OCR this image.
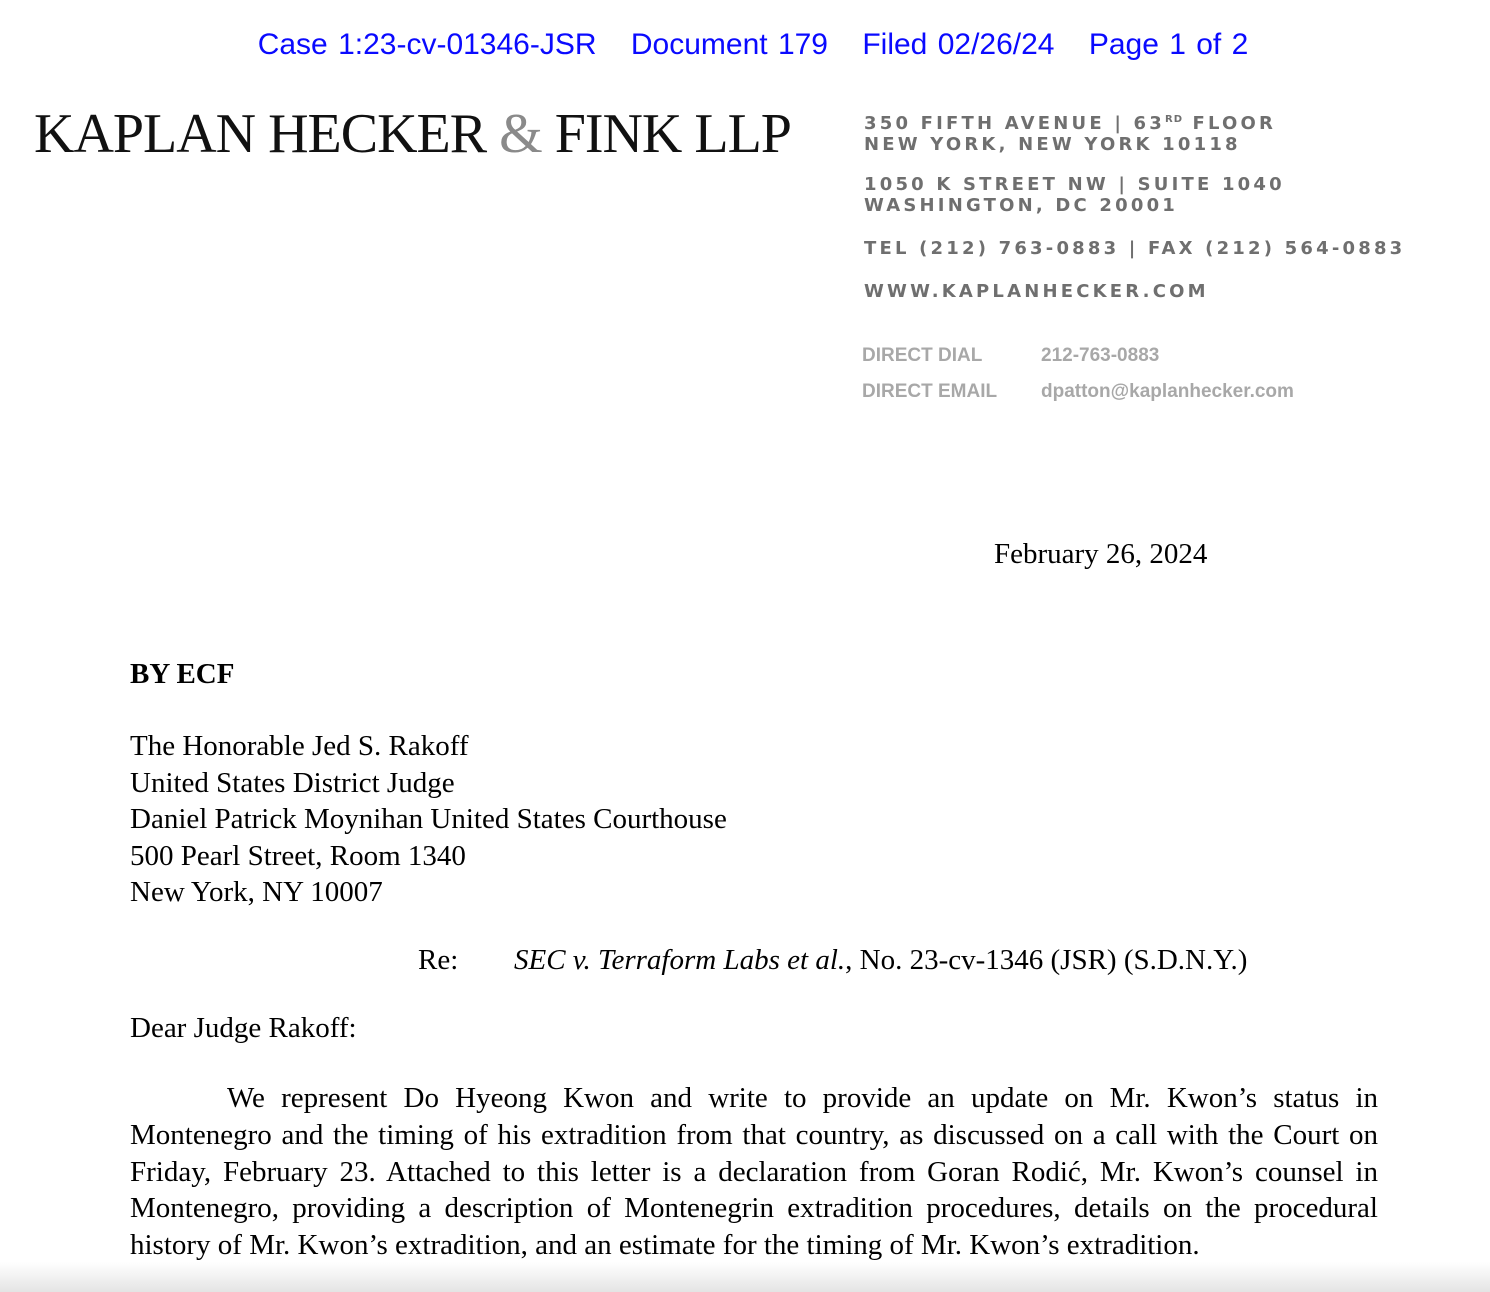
Case 1:23-cv-01346-JSR Document 179 Filed 02/26/24 Page 1 of 2
KAPLAN HECKER & FINK LLP	350 FIFTH AVENUE | 63RD FLOOR
NEW YORK, NEW YORK 10118
1050 K STREET NW | SUITE 1040
WASHINGTON, DC 20001
TEL (212) 763-0883 | FAX (212) 564-0883
WWW.KAPLANHECKER.COM
DIRECT DIAL	212-763-0883
DIRECT EMAIL dpatton@kaplanhecker.com
February 26, 2024
BY ECF
The Honorable Jed S. Rakoff
United States District Judge
Daniel Patrick Moynihan United States Courthouse
500 Pearl Street, Room 1340
New York, NY 10007
Re: SEC v. Terraform Labs et al., No. 23-cv-1346 (JSR) (S.D.N.Y.)
Dear Judge Rakoff:

We represent Do Hyeong Kwon and write to provide an update on Mr. Kwon’s status in Montenegro and the timing of his extradition from that country, as discussed on a call with the Court on Friday, February 23. Attached to this letter is a declaration from Goran Rodić, Mr. Kwon’s counsel in Montenegro, providing a description of Montenegrin extradition procedures, details on the procedural history of Mr. Kwon’s extradition, and an estimate for the timing of Mr. Kwon’s extradition.
